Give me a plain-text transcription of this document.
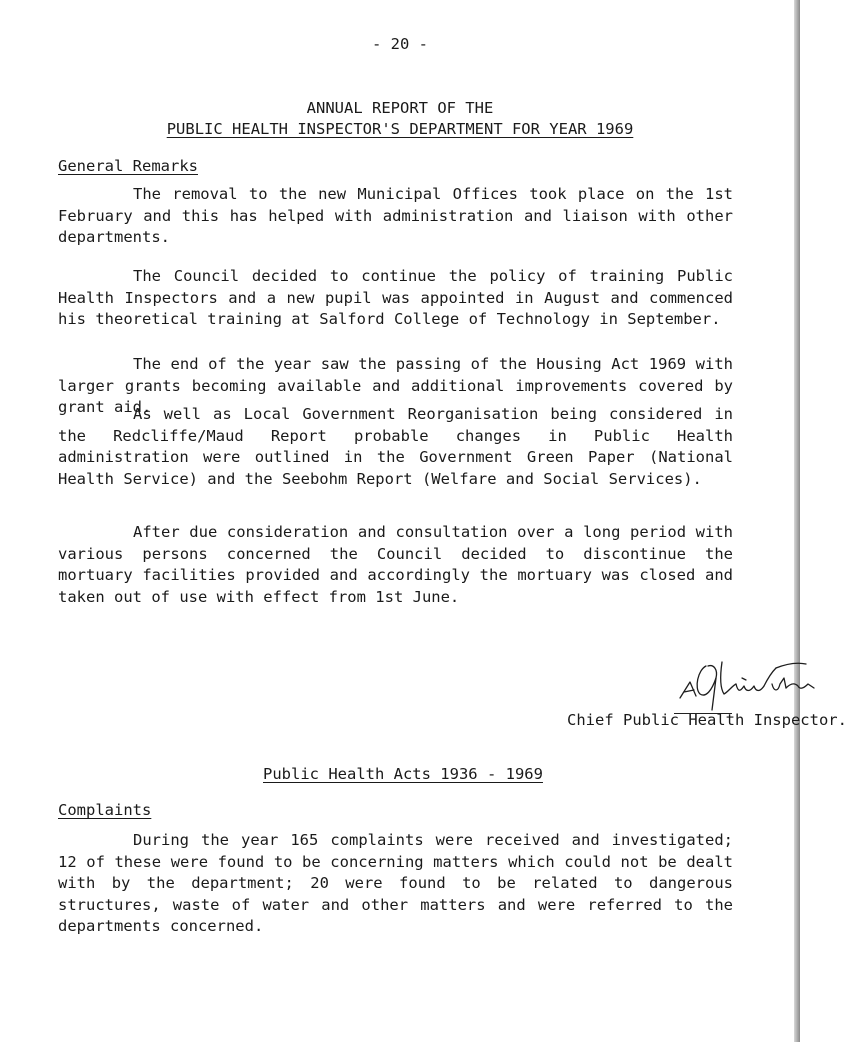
- 20 -
ANNUAL REPORT OF THE
PUBLIC HEALTH INSPECTOR'S DEPARTMENT FOR YEAR 1969
General Remarks

The removal to the new Municipal Offices took place on the 1st February and this has helped with administration and liaison with other departments.

The Council decided to continue the policy of training Public Health Inspectors and a new pupil was appointed in August and commenced his theoretical training at Salford College of Technology in September.

The end of the year saw the passing of the Housing Act 1969 with larger grants becoming available and additional improvements covered by grant aid.

As well as Local Government Reorganisation being considered in the Redcliffe/Maud Report probable changes in Public Health administration were outlined in the Government Green Paper (National Health Service) and the Seebohm Report (Welfare and Social Services).

After due consideration and consultation over a long period with various persons concerned the Council decided to discontinue the mortuary facilities provided and accordingly the mortuary was closed and taken out of use with effect from 1st June.

Chief Public Health Inspector.
Public Health Acts 1936 - 1969
Complaints

During the year 165 complaints were received and investigated; 12 of these were found to be concerning matters which could not be dealt with by the department; 20 were found to be related to dangerous structures, waste of water and other matters and were referred to the departments concerned.
